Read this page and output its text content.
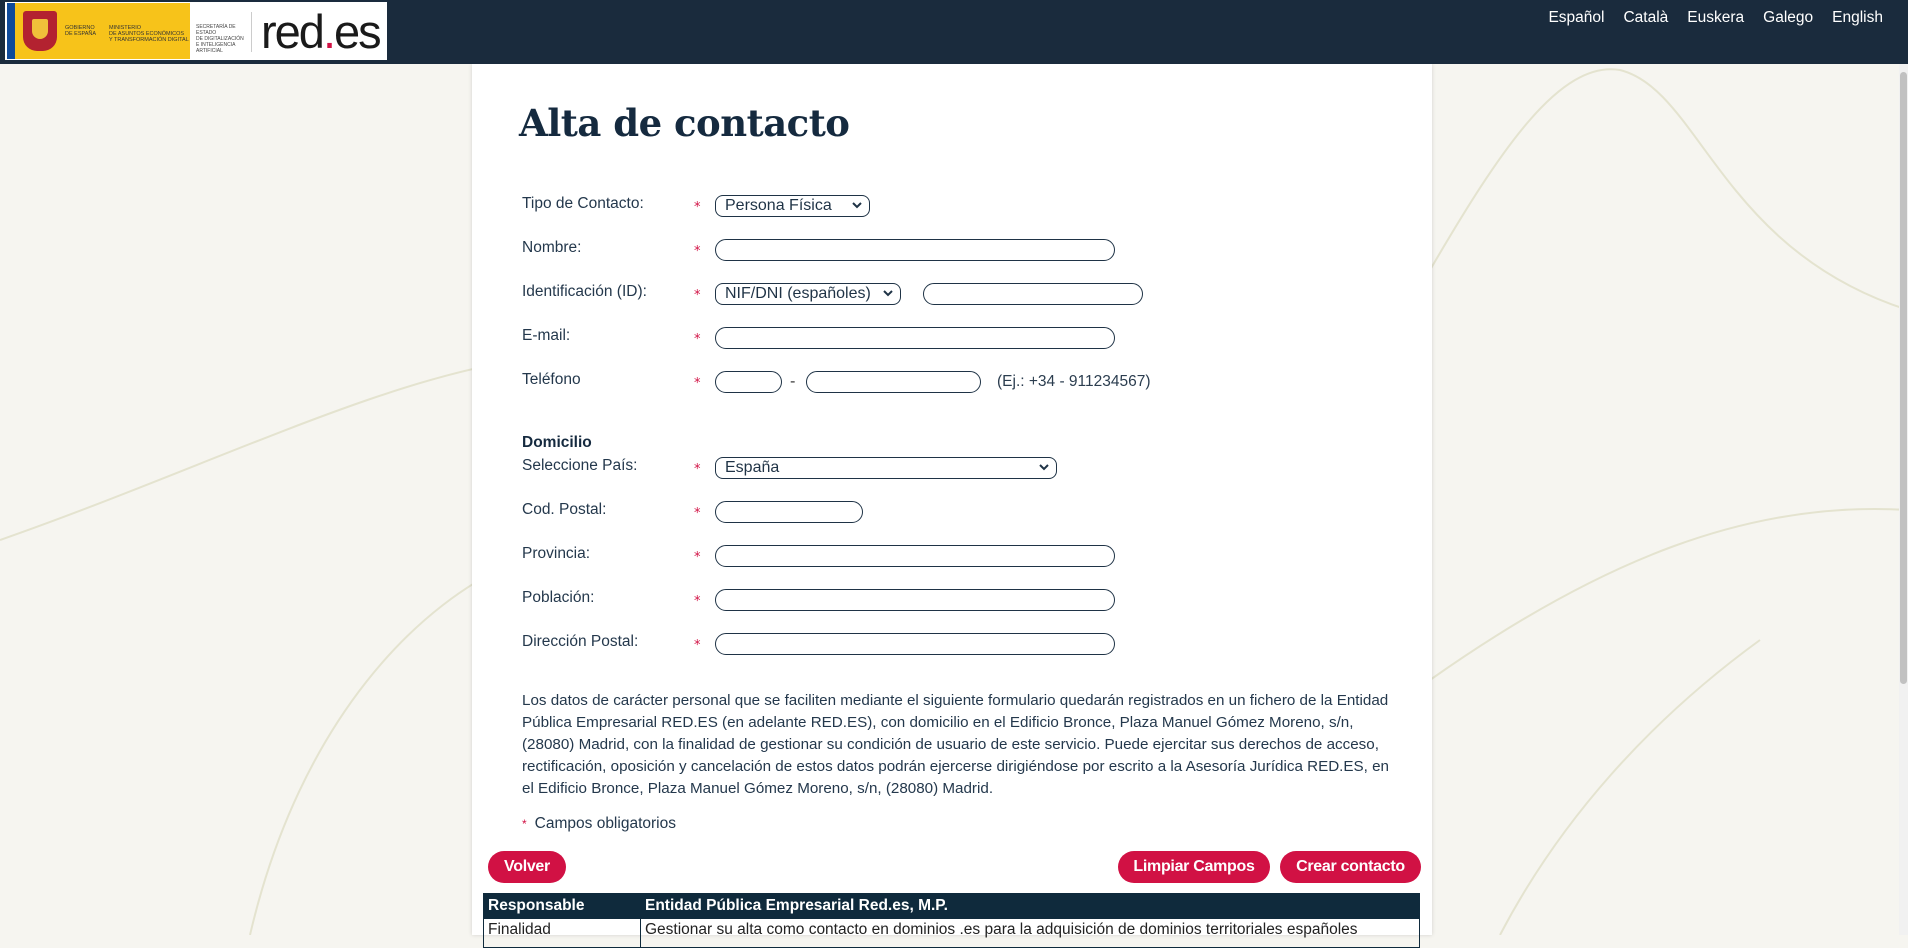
GOBIERNO
DE ESPAÑA
MINISTERIO
DE ASUNTOS ECONÓMICOS
Y TRANSFORMACIÓN DIGITAL
SECRETARÍA DE ESTADO
DE DIGITALIZACIÓN
E INTELIGENCIA ARTIFICIAL red.es	Español Català Euskera Galego English
Alta de contacto
Tipo de Contacto:	*	Persona Física
Nombre:	*
Identificación (ID):	*	NIF/DNI (españoles)
E-mail:	*
Teléfono	*	-	(Ej.: +34 - 911234567)
Domicilio
Seleccione País:	*	España
Cod. Postal:	*
Provincia:	*
Población:	*
Dirección Postal:	*
Los datos de carácter personal que se faciliten mediante el siguiente formulario quedarán registrados en un fichero de la Entidad Pública Empresarial RED.ES (en adelante RED.ES), con domicilio en el Edificio Bronce, Plaza Manuel Gómez Moreno, s/n, (28080) Madrid, con la finalidad de gestionar su condición de usuario de este servicio. Puede ejercitar sus derechos de acceso, rectificación, oposición y cancelación de estos datos podrán ejercerse dirigiéndose por escrito a la Asesoría Jurídica RED.ES, en el Edificio Bronce, Plaza Manuel Gómez Moreno, s/n, (28080) Madrid.
* Campos obligatorios
Volver	Limpiar Campos	Crear contacto
Responsable	Entidad Pública Empresarial Red.es, M.P.
Finalidad	Gestionar su alta como contacto en dominios .es para la adquisición de dominios territoriales españoles
